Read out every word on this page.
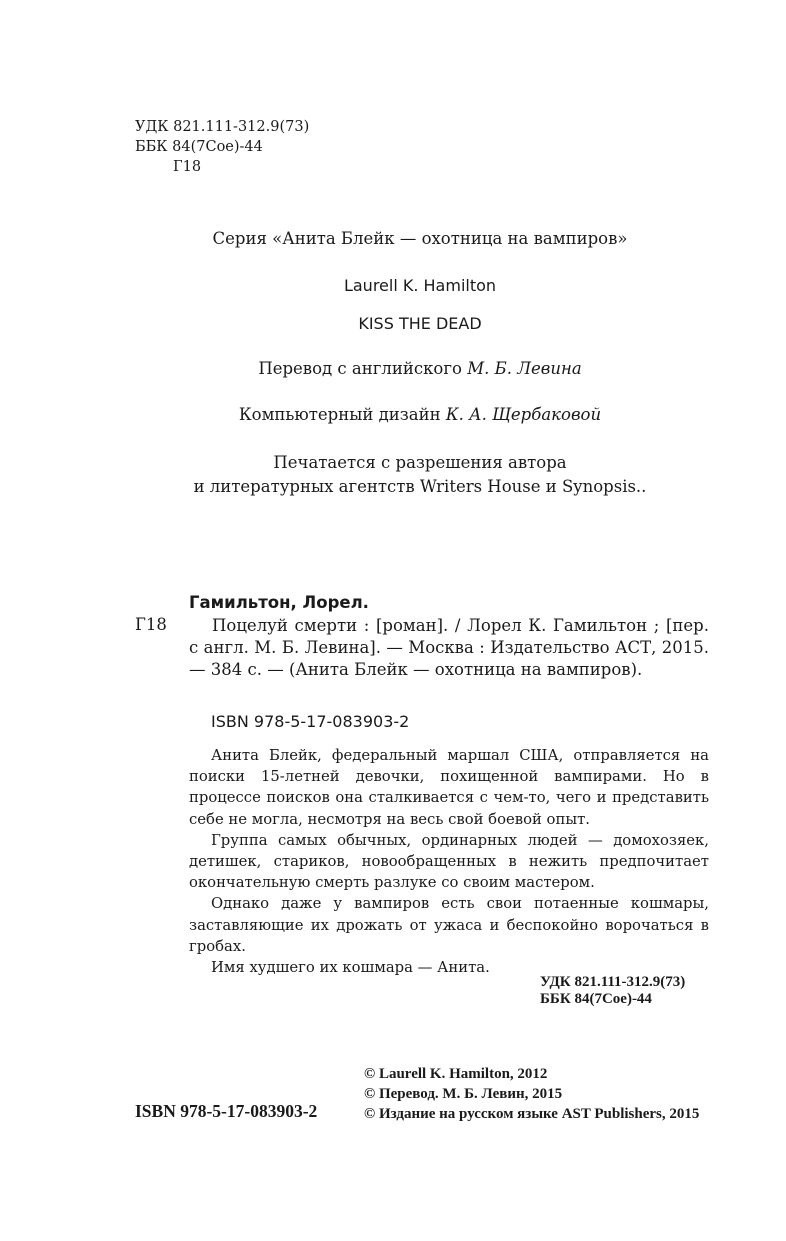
УДК 821.111-312.9(73)
ББК 84(7Сое)-44
Г18
Серия «Анита Блейк — охотница на вампиров»
Laurell K. Hamilton
KISS THE DEAD
Перевод с английского М. Б. Левина
Компьютерный дизайн К. А. Щербаковой
Печатается с разрешения автора
и литературных агентств Writers House и Synopsis..
Гамильтон, Лорел.
Г18	Поцелуй смерти : [роман]. / Лорел К. Гамильтон ; [пер. с англ. М. Б. Левина]. — Москва : Издательство АСТ, 2015. — 384 с. — (Анита Блейк — охотница на вампиров).
ISBN 978-5-17-083903-2

Анита Блейк, федеральный маршал США, отправляется на поиски 15-летней девочки, похищенной вампирами. Но в процессе поисков она сталкивается с чем-то, чего и представить себе не могла, несмотря на весь свой боевой опыт.

Группа самых обычных, ординарных людей — домохозяек, детишек, стариков, новообращенных в нежить предпочитает окончательную смерть разлуке со своим мастером.

Однако даже у вампиров есть свои потаенные кошмары, заставляющие их дрожать от ужаса и беспокойно ворочаться в гробах.

Имя худшего их кошмара — Анита.

УДК 821.111-312.9(73)
ББК 84(7Сое)-44
ISBN 978-5-17-083903-2
© Laurell K. Hamilton, 2012
© Перевод. М. Б. Левин, 2015
© Издание на русском языке AST Publishers, 2015
